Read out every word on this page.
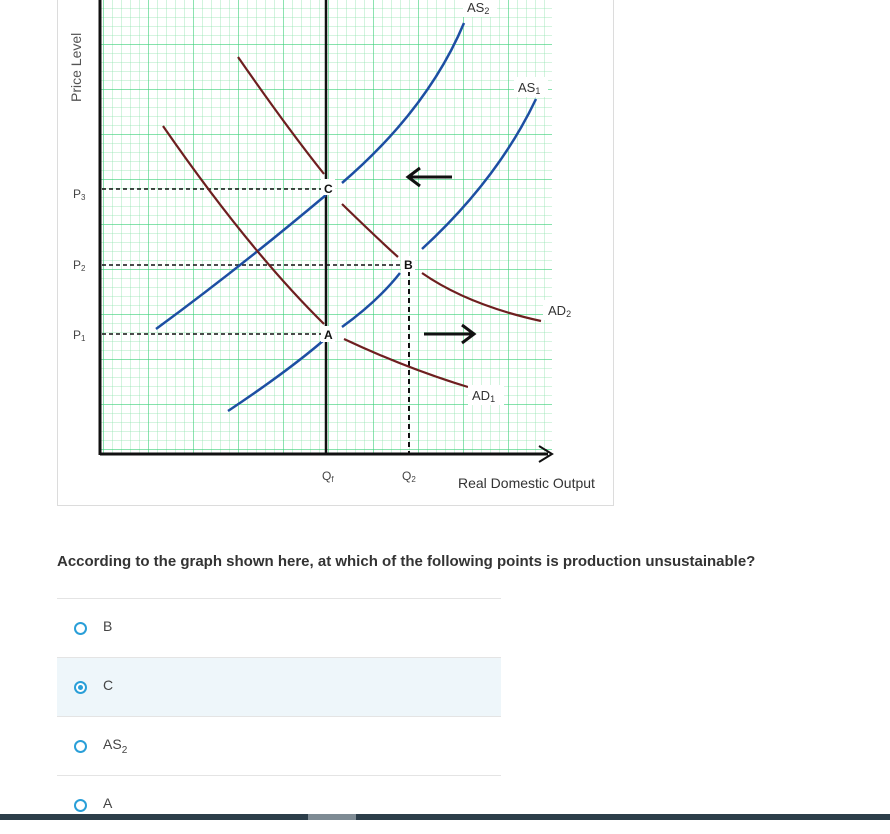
Price Level
C
B
A
P3
P2
P1
Qf	Q2	Real Domestic Output
AS2
AS1
AD2
AD1
According to the graph shown here, at which of the following points is production unsustainable?
B
C
$AS_2$
A
